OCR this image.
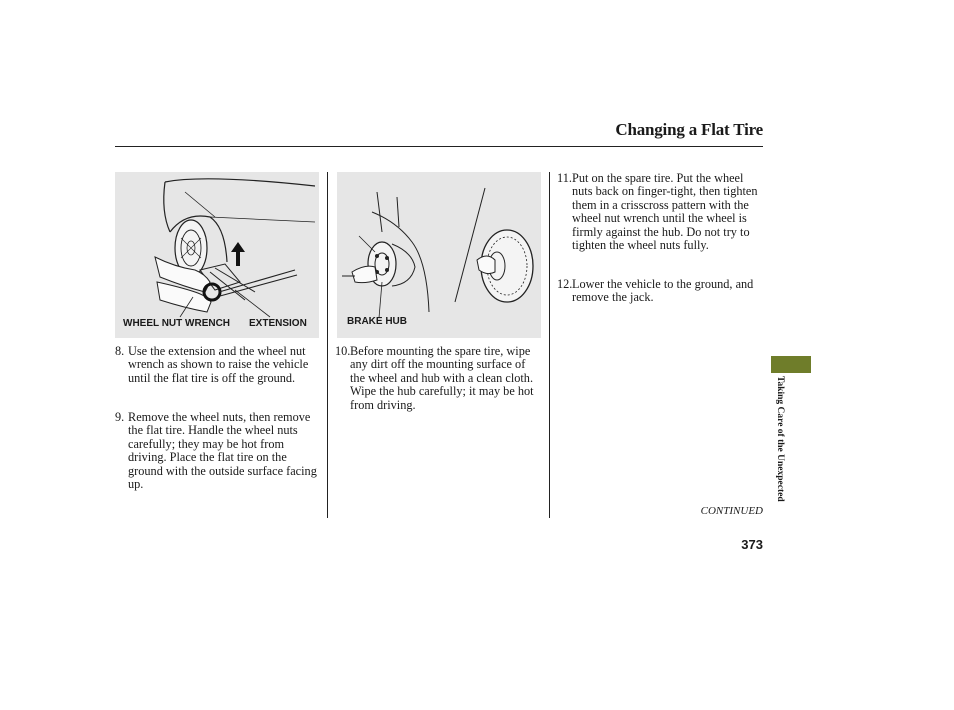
Changing a Flat Tire
WHEEL NUT WRENCH EXTENSION	BRAKE HUB
8. Use the extension and the wheel nut wrench as shown to raise the vehicle until the flat tire is off the ground.
9. Remove the wheel nuts, then remove the flat tire. Handle the wheel nuts carefully; they may be hot from driving. Place the flat tire on the ground with the outside surface facing up.
10. Before mounting the spare tire, wipe any dirt off the mounting surface of the wheel and hub with a clean cloth. Wipe the hub carefully; it may be hot from driving.
11. Put on the spare tire. Put the wheel nuts back on finger-tight, then tighten them in a crisscross pattern with the wheel nut wrench until the wheel is firmly against the hub. Do not try to tighten the wheel nuts fully.
12. Lower the vehicle to the ground, and remove the jack.
CONTINUED
373
Taking Care of the Unexpected
